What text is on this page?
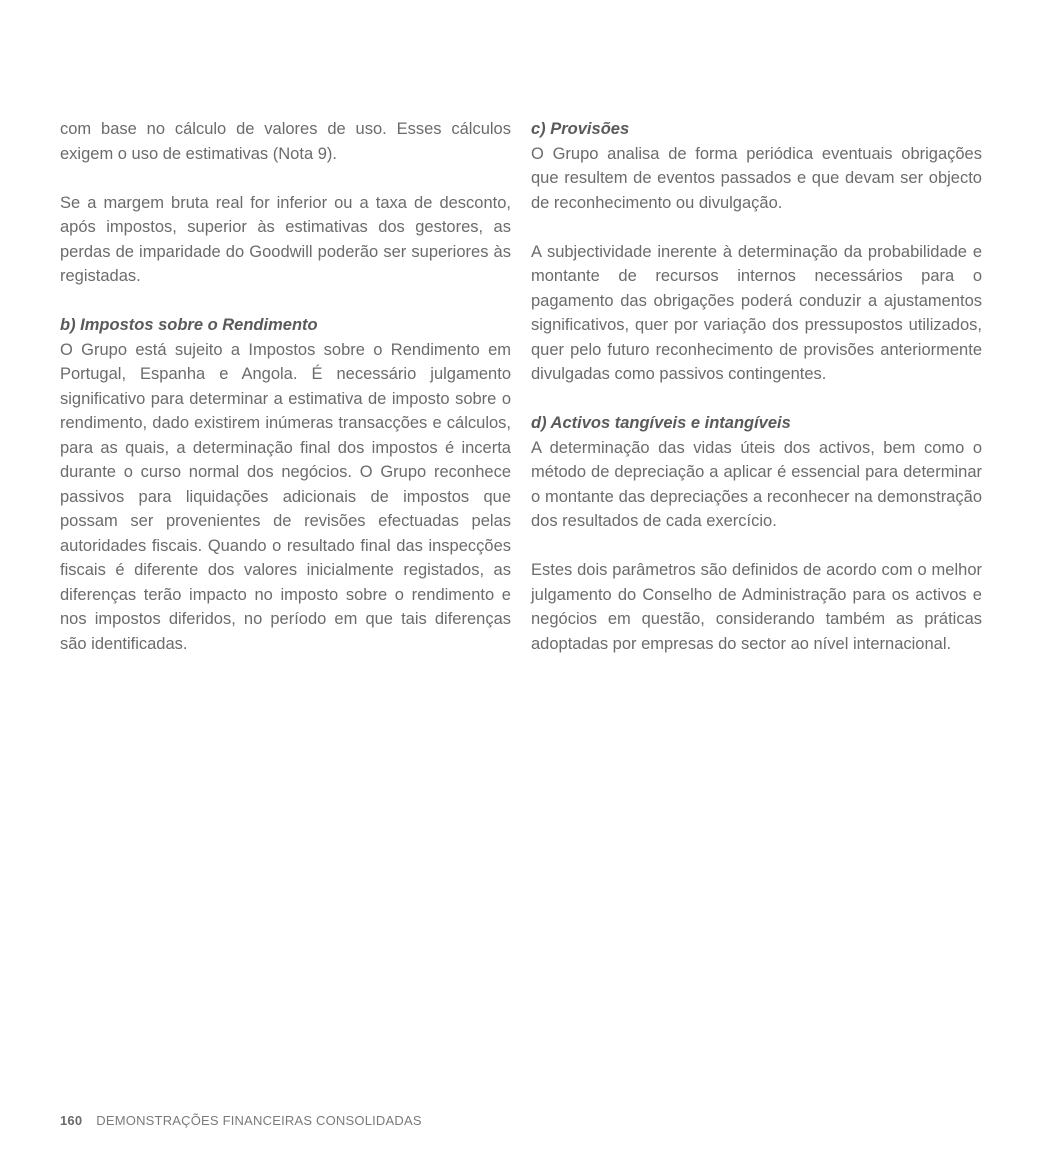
com base no cálculo de valores de uso. Esses cálculos exigem o uso de estimativas (Nota 9).

Se a margem bruta real for inferior ou a taxa de desconto, após impostos, superior às estimativas dos gestores, as perdas de imparidade do Goodwill poderão ser superiores às registadas.

b) Impostos sobre o Rendimento
O Grupo está sujeito a Impostos sobre o Rendimento em Portugal, Espanha e Angola. É necessário julgamento significativo para determinar a estimativa de imposto sobre o rendimento, dado existirem inúmeras transacções e cálculos, para as quais, a determinação final dos impostos é incerta durante o curso normal dos negócios. O Grupo reconhece passivos para liquidações adicionais de impostos que possam ser provenientes de revisões efectuadas pelas autoridades fiscais. Quando o resultado final das inspecções fiscais é diferente dos valores inicialmente registados, as diferenças terão impacto no imposto sobre o rendimento e nos impostos diferidos, no período em que tais diferenças são identificadas.

c) Provisões
O Grupo analisa de forma periódica eventuais obrigações que resultem de eventos passados e que devam ser objecto de reconhecimento ou divulgação.

A subjectividade inerente à determinação da probabilidade e montante de recursos internos necessários para o pagamento das obrigações poderá conduzir a ajustamentos significativos, quer por variação dos pressupostos utilizados, quer pelo futuro reconhecimento de provisões anteriormente divulgadas como passivos contingentes.

d) Activos tangíveis e intangíveis
A determinação das vidas úteis dos activos, bem como o método de depreciação a aplicar é essencial para determinar o montante das depreciações a reconhecer na demonstração dos resultados de cada exercício.

Estes dois parâmetros são definidos de acordo com o melhor julgamento do Conselho de Administração para os activos e negócios em questão, considerando também as práticas adoptadas por empresas do sector ao nível internacional.

160 DEMONSTRAÇÕES FINANCEIRAS CONSOLIDADAS
